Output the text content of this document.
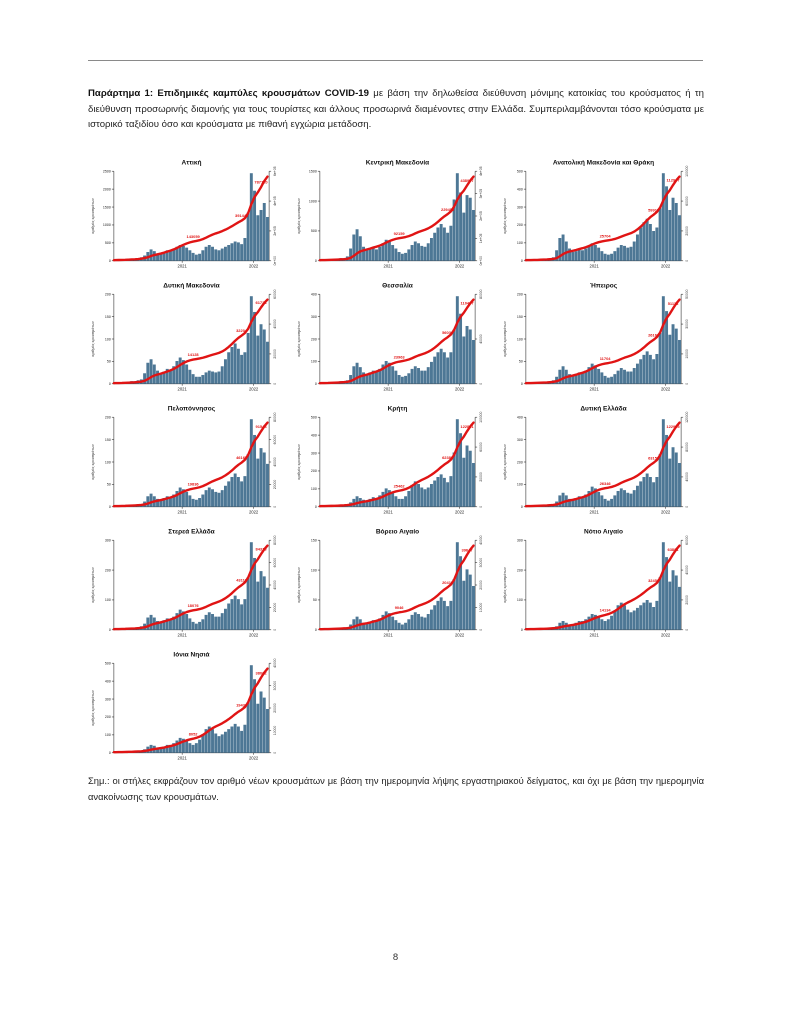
Παράρτημα 1: Επιδημικές καμπύλες κρουσμάτων COVID-19 με βάση την δηλωθείσα διεύθυνση μόνιμης κατοικίας του κρούσματος ή τη διεύθυνση προσωρινής διαμονής για τους τουρίστες και άλλους προσωρινά διαμένοντες στην Ελλάδα. Συμπεριλαμβάνονται τόσο κρούσματα με ιστορικό ταξιδίου όσο και κρούσματα με πιθανή εγχώρια μετάδοση.
Αττική
0
500
1000
1500
2000
2500
αριθμός κρουσμάτων
0e+00
2e+05
4e+05
6e+05
2021	2022
143059
391448
787120
Κεντρική Μακεδονία
0
500
1000
1500
αριθμός κρουσμάτων
0e+00
1e+05
2e+05
3e+05
4e+05
2021	2022
92159
229453
438907
Ανατολική Μακεδονία και Θράκη
0
100
200
300
400
500
αριθμός κρουσμάτων
0
20000
60000
100000
2021	2022
25704
59918
112947
Δυτική Μακεδονία
0
50
100
150
200
αριθμός κρουσμάτων
0
20000
40000
60000
2021	2022
14128
32204
61733
Θεσσαλία
0
100
200
300
400
αριθμός κρουσμάτων
0
40000
80000
2021	2022
23963
56034
110497
Ήπειρος
0
50
100
150
200
αριθμός κρουσμάτων
0
10000
30000
50000
2021	2022
11704
26166
51118
Πελοπόννησος
0
50
100
150
200
αριθμός κρουσμάτων
0
20000
40000
60000
80000
2021	2022
19836
46167
91544
Κρήτη
0
100
200
300
400
500
αριθμός κρουσμάτων
0
20000
60000
100000
2021	2022
25462
62381
122861
Δυτική Ελλάδα
0
100
200
300
400
αριθμός κρουσμάτων
0
40000
80000
120000
2021	2022
26346
63152
122905
Στερεά Ελλάδα
0
100
200
300
αριθμός κρουσμάτων
0
20000
40000
60000
80000
2021	2022
18076
43113
84313
Βόρειο Αιγαίο
0
50
100
150
αριθμός κρουσμάτων
0
10000
20000
30000
40000
2021	2022
9046
20418
39647
Νότιο Αιγαίο
0
100
200
300
αριθμός κρουσμάτων
0
20000
40000
60000
2021	2022
14134
32452
63891
Ιόνια Νησιά
0
100
200
300
400
500
αριθμός κρουσμάτων
0
10000
20000
30000
40000
2021	2022
8052
19436
38062
Σημ.: οι στήλες εκφράζουν τον αριθμό νέων κρουσμάτων με βάση την ημερομηνία λήψης εργαστηριακού δείγματος, και όχι με βάση την ημερομηνία ανακοίνωσης των κρουσμάτων.
8
